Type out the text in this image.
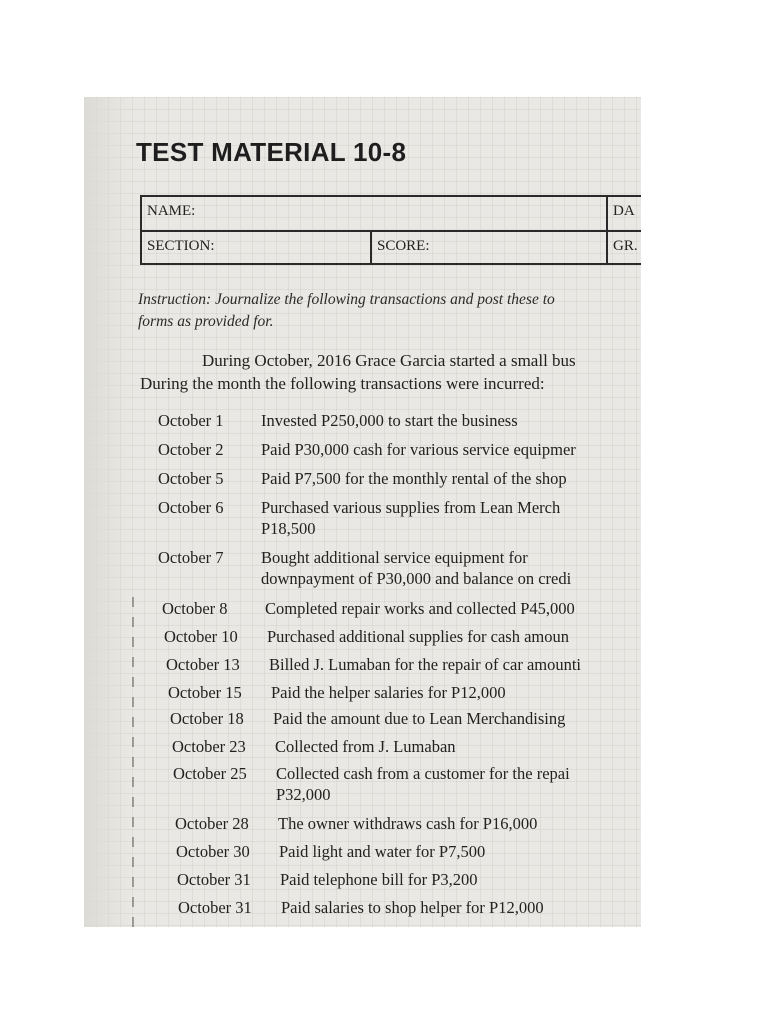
TEST MATERIAL 10-8
NAME:	DA
SECTION:	SCORE:	GR.
Instruction: Journalize the following transactions and post these to
forms as provided for.
During October, 2016 Grace Garcia started a small bus
During the month the following transactions were incurred:
October 1 Invested P250,000 to start the business
October 2 Paid P30,000 cash for various service equipmer
October 5 Paid P7,500 for the monthly rental of the shop
October 6 Purchased various supplies from Lean Merch
P18,500
October 7 Bought additional service equipment for
downpayment of P30,000 and balance on credi
October 8 Completed repair works and collected P45,000
October 10 Purchased additional supplies for cash amoun
October 13 Billed J. Lumaban for the repair of car amounti
October 15 Paid the helper salaries for P12,000
October 18 Paid the amount due to Lean Merchandising
October 23 Collected from J. Lumaban
October 25 Collected cash from a customer for the repai
P32,000
October 28 The owner withdraws cash for P16,000
October 30 Paid light and water for P7,500
October 31 Paid telephone bill for P3,200
October 31 Paid salaries to shop helper for P12,000
